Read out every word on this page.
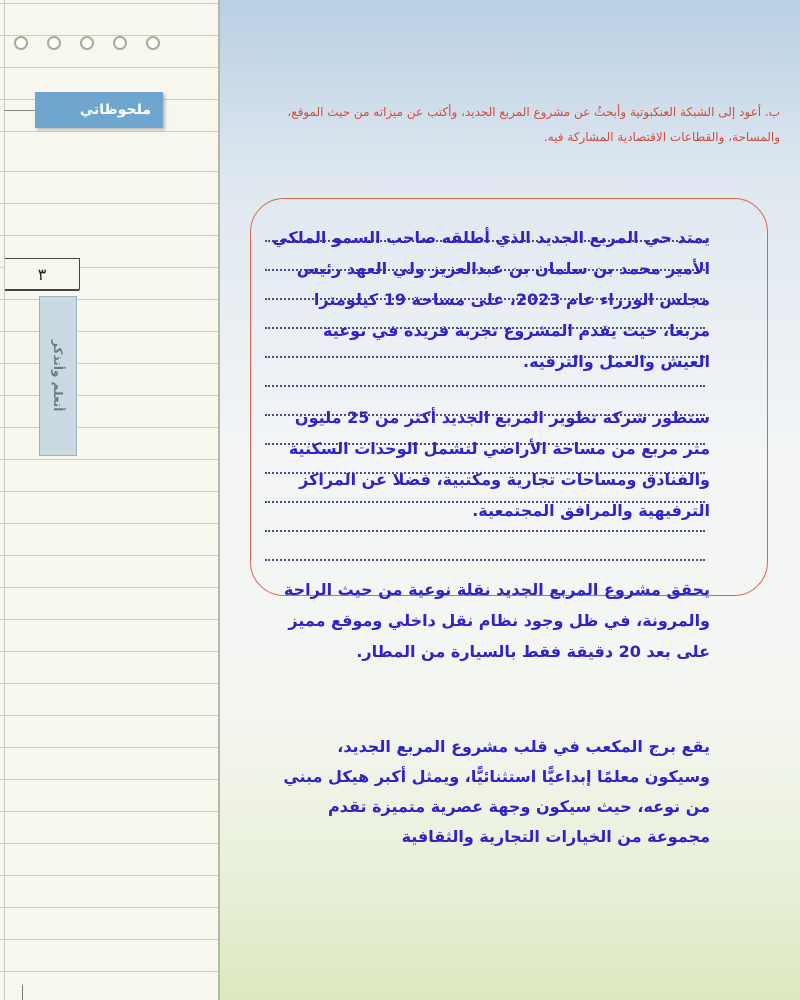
ملحوظاتي
٣
أتعلم وأتذكر
ب. أعود إلى الشبكة العنكبوتية وأبحثُ عن مشروع المربع الجديد، وأكتب عن ميزاته من حيث الموقع، والمساحة، والقطاعات الاقتصادية المشاركة فيه.

يمتد حي المربع الجديد الذي أطلقه صاحب السمو الملكي الأمير محمد بن سلمان بن عبدالعزيز ولي العهد رئيس مجلس الوزراء عام 2023، على مساحة 19 كيلومترا مربعا، حيث يقدم المشروع تجربة فريدة في نوعية العيش والعمل والترفيه.

ستطور شركة تطوير المربع الجديد أكثر من 25 مليون متر مربع من مساحة الأراضي لتشمل الوحدات السكنية والفنادق ومساحات تجارية ومكتبية، فضلا عن المراكز الترفيهية والمرافق المجتمعية.

يحقق مشروع المربع الجديد نقلة نوعية من حيث الراحة والمرونة، في ظل وجود نظام نقل داخلي وموقع مميز على بعد 20 دقيقة فقط بالسيارة من المطار.

يقع برج المكعب في قلب مشروع المربع الجديد، وسيكون معلمًا إبداعيًّا استثنائيًّا، ويمثل أكبر هيكل مبني من نوعه، حيث سيكون وجهة عصرية متميزة تقدم مجموعة من الخيارات التجارية والثقافية
